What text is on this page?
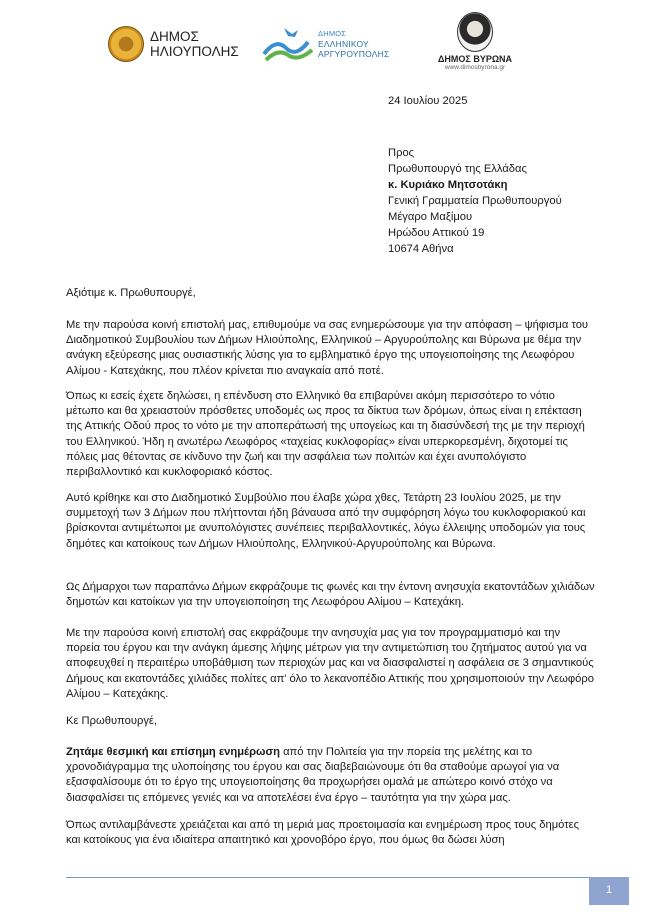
ΔΗΜΟΣ
ΗΛΙΟΥΠΟΛΗΣ
ΔΗΜΟΣ
ΕΛΛΗΝΙΚΟΥ
ΑΡΓΥΡΟΥΠΟΛΗΣ	ΔΗΜΟΣ ΒΥΡΩΝΑ
www.dimosbyrona.gr
24 Ιουλίου 2025
Προς
Πρωθυπουργό της Ελλάδας
κ. Κυριάκο Μητσοτάκη
Γενική Γραμματεία Πρωθυπουργού
Μέγαρο Μαξίμου
Ηρώδου Αττικού 19
10674 Αθήνα
Αξιότιμε κ. Πρωθυπουργέ,

Με την παρούσα κοινή επιστολή μας, επιθυμούμε να σας ενημερώσουμε για την απόφαση – ψήφισμα του Διαδημοτικού Συμβουλίου των Δήμων Ηλιούπολης, Ελληνικού – Αργυρούπολης και Βύρωνα με θέμα την ανάγκη εξεύρεσης μιας ουσιαστικής λύσης για το εμβληματικό έργο της υπογειοποίησης της Λεωφόρου Αλίμου - Κατεχάκης, που πλέον κρίνεται πιο αναγκαία από ποτέ.

Όπως κι εσείς έχετε δηλώσει, η επένδυση στο Ελληνικό θα επιβαρύνει ακόμη περισσότερο το νότιο μέτωπο και θα χρειαστούν πρόσθετες υποδομές ως προς τα δίκτυα των δρόμων, όπως είναι η επέκταση της Αττικής Οδού προς το νότο με την αποπεράτωσή της υπογείως και τη διασύνδεσή της με την περιοχή του Ελληνικού. Ήδη η ανωτέρω Λεωφόρος «ταχείας κυκλοφορίας» είναι υπερκορεσμένη, διχοτομεί τις πόλεις μας θέτοντας σε κίνδυνο την ζωή και την ασφάλεια των πολιτών και έχει ανυπολόγιστο περιβαλλοντικό και κυκλοφοριακό κόστος.

Αυτό κρίθηκε και στο Διαδημοτικό Συμβούλιο που έλαβε χώρα χθες, Τετάρτη 23 Ιουλίου 2025, με την συμμετοχή των 3 Δήμων που πλήττονται ήδη βάναυσα από την συμφόρηση λόγω του κυκλοφοριακού και βρίσκονται αντιμέτωποι με ανυπολόγιστες συνέπειες περιβαλλοντικές, λόγω έλλειψης υποδομών για τους δημότες και κατοίκους των Δήμων Ηλιούπολης, Ελληνικού-Αργυρούπολης και Βύρωνα.

Ως Δήμαρχοι των παραπάνω Δήμων εκφράζουμε τις φωνές και την έντονη ανησυχία εκατοντάδων χιλιάδων δημοτών και κατοίκων για την υπογειοποίηση της Λεωφόρου Αλίμου – Κατεχάκη.

Με την παρούσα κοινή επιστολή σας εκφράζουμε την ανησυχία μας για τον προγραμματισμό και την πορεία του έργου και την ανάγκη άμεσης λήψης μέτρων για την αντιμετώπιση του ζητήματος αυτού για να αποφευχθεί η περαιτέρω υποβάθμιση των περιοχών μας και να διασφαλιστεί η ασφάλεια σε 3 σημαντικούς Δήμους και εκατοντάδες χιλιάδες πολίτες απ' όλο το λεκανοπέδιο Αττικής που χρησιμοποιούν την Λεωφόρο Αλίμου – Κατεχάκης.

Κε Πρωθυπουργέ,

Ζητάμε θεσμική και επίσημη ενημέρωση από την Πολιτεία για την πορεία της μελέτης και το χρονοδιάγραμμα της υλοποίησης του έργου και σας διαβεβαιώνουμε ότι θα σταθούμε αρωγοί για να εξασφαλίσουμε ότι το έργο της υπογειοποίησης θα προχωρήσει ομαλά με απώτερο κοινό στόχο να διασφαλίσει τις επόμενες γενιές και να αποτελέσει ένα έργο – ταυτότητα για την χώρα μας.

Όπως αντιλαμβάνεστε χρειάζεται και από τη μεριά μας προετοιμασία και ενημέρωση προς τους δημότες και κατοίκους για ένα ιδιαίτερα απαιτητικό και χρονοβόρο έργο, που όμως θα δώσει λύση

1
